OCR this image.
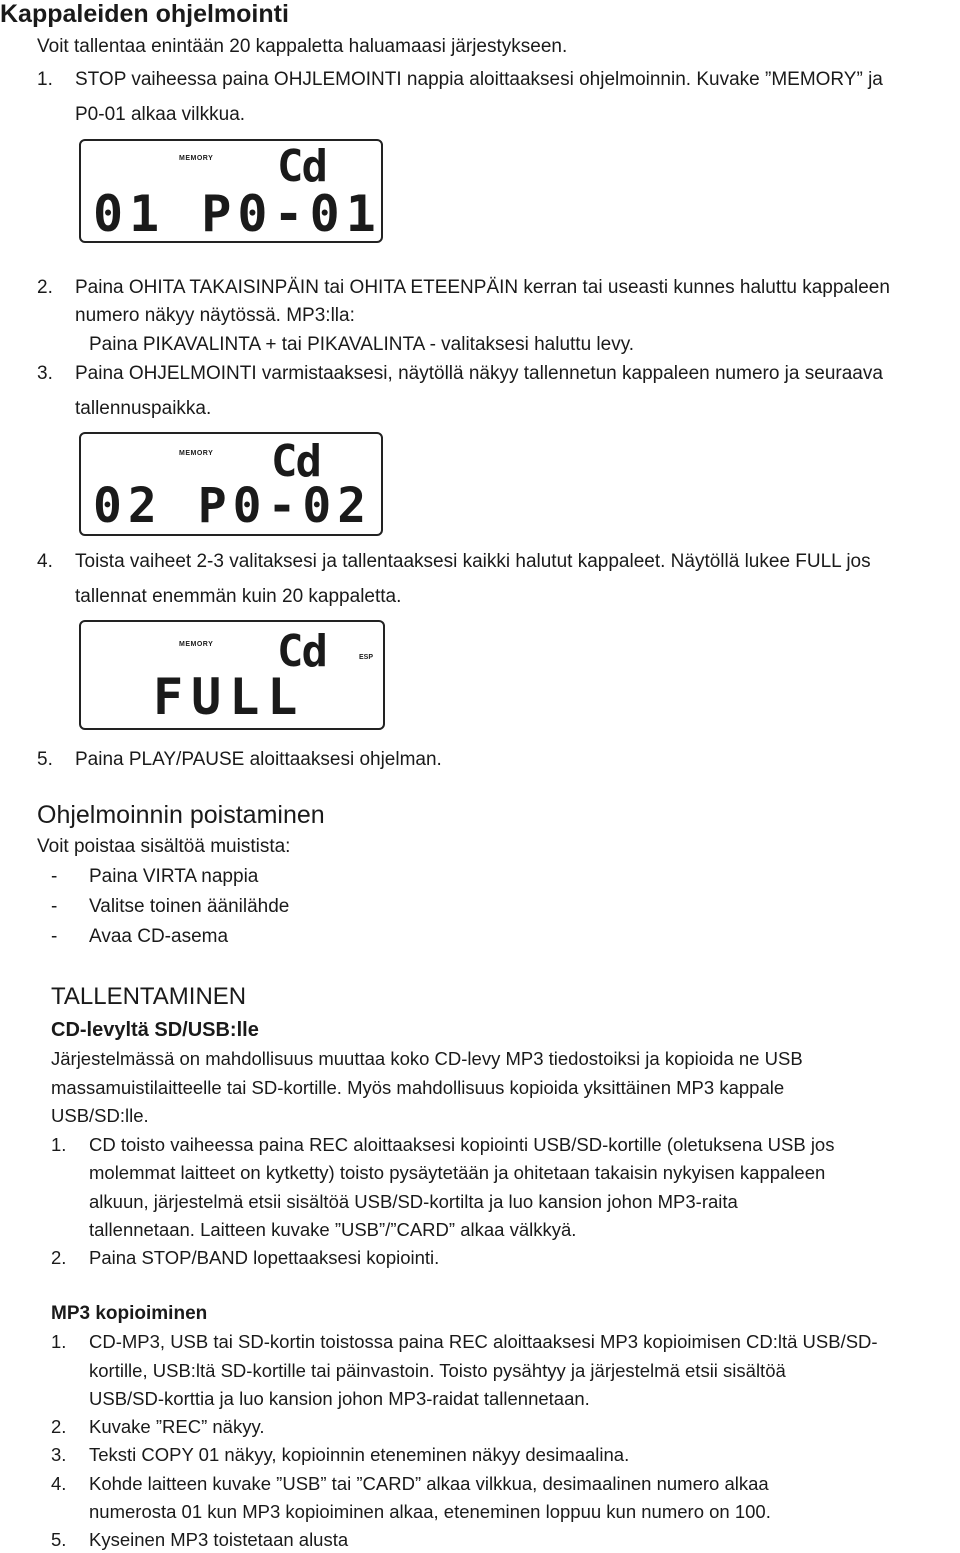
Kappaleiden ohjelmointi
Voit tallentaa enintään 20 kappaletta haluamaasi järjestykseen.
1. STOP vaiheessa paina OHJLEMOINTI nappia aloittaaksesi ohjelmoinnin. Kuvake ”MEMORY” ja
P0-01 alkaa vilkkua.
MEMORY Cd
01 P0-01
2. Paina OHITA TAKAISINPÄIN tai OHITA ETEENPÄIN kerran tai useasti kunnes haluttu kappaleen
numero näkyy näytössä. MP3:lla:
Paina PIKAVALINTA + tai PIKAVALINTA - valitaksesi haluttu levy.
3. Paina OHJELMOINTI varmistaaksesi, näytöllä näkyy tallennetun kappaleen numero ja seuraava
tallennuspaikka.
MEMORY Cd
02 P0-02
4. Toista vaiheet 2-3 valitaksesi ja tallentaaksesi kaikki halutut kappaleet. Näytöllä lukee FULL jos
tallennat enemmän kuin 20 kappaletta.
MEMORY Cd	ESP
FULL
5. Paina PLAY/PAUSE aloittaaksesi ohjelman.
Ohjelmoinnin poistaminen
Voit poistaa sisältöä muistista:
- Paina VIRTA nappia
- Valitse toinen äänilähde
- Avaa CD-asema
TALLENTAMINEN
CD-levyltä SD/USB:lle
Järjestelmässä on mahdollisuus muuttaa koko CD-levy MP3 tiedostoiksi ja kopioida ne USB
massamuistilaitteelle tai SD-kortille. Myös mahdollisuus kopioida yksittäinen MP3 kappale
USB/SD:lle.
1. CD toisto vaiheessa paina REC aloittaaksesi kopiointi USB/SD-kortille (oletuksena USB jos
molemmat laitteet on kytketty) toisto pysäytetään ja ohitetaan takaisin nykyisen kappaleen
alkuun, järjestelmä etsii sisältöä USB/SD-kortilta ja luo kansion johon MP3-raita
tallennetaan. Laitteen kuvake ”USB”/”CARD” alkaa välkkyä.
2. Paina STOP/BAND lopettaaksesi kopiointi.
MP3 kopioiminen
1. CD-MP3, USB tai SD-kortin toistossa paina REC aloittaaksesi MP3 kopioimisen CD:ltä USB/SD-
kortille, USB:ltä SD-kortille tai päinvastoin. Toisto pysähtyy ja järjestelmä etsii sisältöä
USB/SD-korttia ja luo kansion johon MP3-raidat tallennetaan.
2. Kuvake ”REC” näkyy.
3. Teksti COPY 01 näkyy, kopioinnin eteneminen näkyy desimaalina.
4. Kohde laitteen kuvake ”USB” tai ”CARD” alkaa vilkkua, desimaalinen numero alkaa
numerosta 01 kun MP3 kopioiminen alkaa, eteneminen loppuu kun numero on 100.
5. Kyseinen MP3 toistetaan alusta
